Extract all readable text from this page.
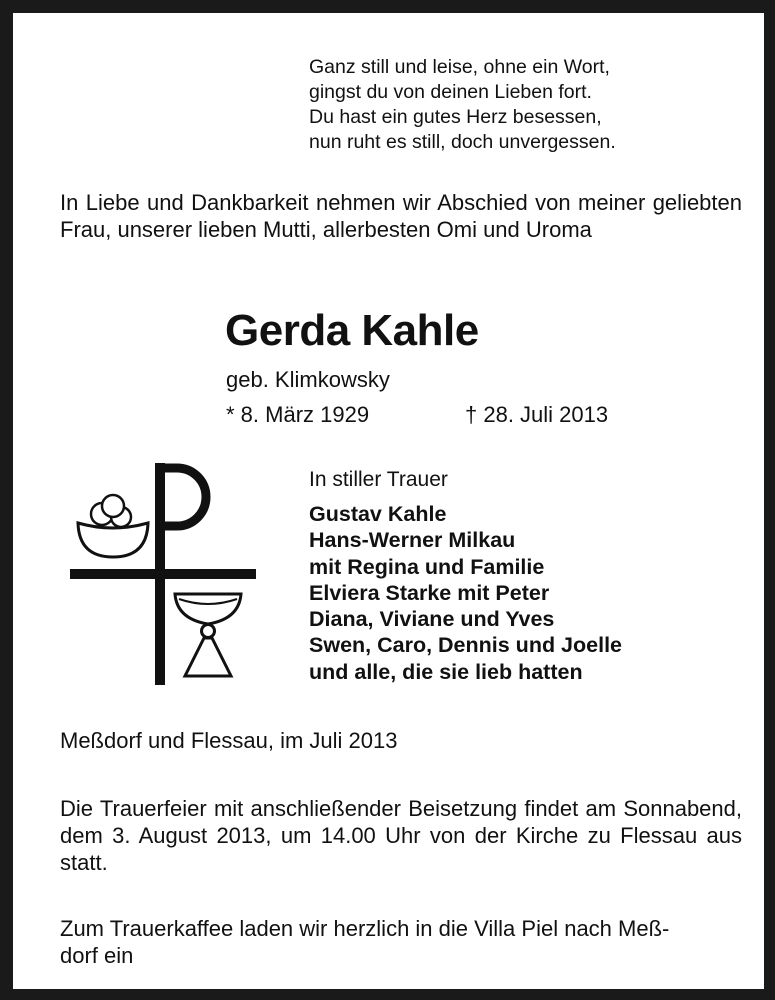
Ganz still und leise, ohne ein Wort,
gingst du von deinen Lieben fort.
Du hast ein gutes Herz besessen,
nun ruht es still, doch unvergessen.
In Liebe und Dankbarkeit nehmen wir Abschied von meiner geliebten Frau, unserer lieben Mutti, allerbesten Omi und Uroma
Gerda Kahle
geb. Klimkowsky
* 8. März 1929	† 28. Juli 2013
In stiller Trauer
Gustav Kahle
Hans-Werner Milkau
mit Regina und Familie
Elviera Starke mit Peter
Diana, Viviane und Yves
Swen, Caro, Dennis und Joelle
und alle, die sie lieb hatten
Meßdorf und Flessau, im Juli 2013
Die Trauerfeier mit anschließender Beisetzung findet am Sonnabend, dem 3. August 2013, um 14.00 Uhr von der Kirche zu Flessau aus statt.
Zum Trauerkaffee laden wir herzlich in die Villa Piel nach Meß-
dorf ein
